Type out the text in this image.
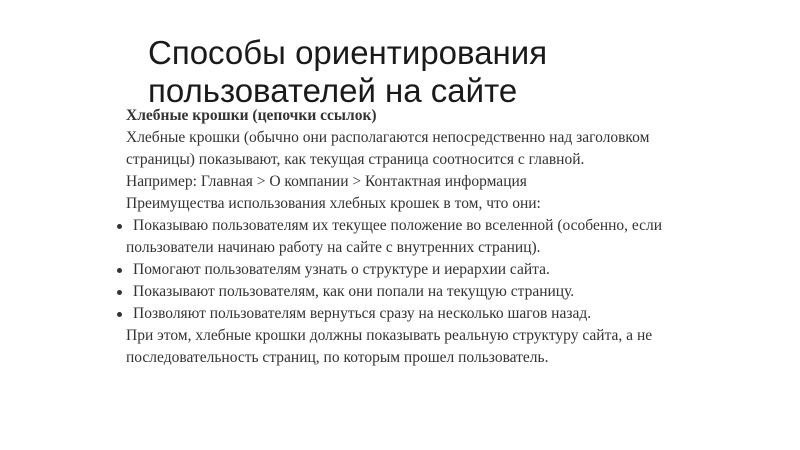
Способы ориентирования
пользователей на сайте

Хлебные крошки (цепочки ссылок)

Хлебные крошки (обычно они располагаются непосредственно над заголовком страницы) показывают, как текущая страница соотносится с главной.

Например: Главная > О компании > Контактная информация

Преимущества использования хлебных крошек в том, что они:

Показываю пользователям их текущее положение во вселенной (особенно, если пользователи начинаю работу на сайте с внутренних страниц).
Помогают пользователям узнать о структуре и иерархии сайта.
Показывают пользователям, как они попали на текущую страницу.
Позволяют пользователям вернуться сразу на несколько шагов назад.

При этом, хлебные крошки должны показывать реальную структуру сайта, а не последовательность страниц, по которым прошел пользователь.
